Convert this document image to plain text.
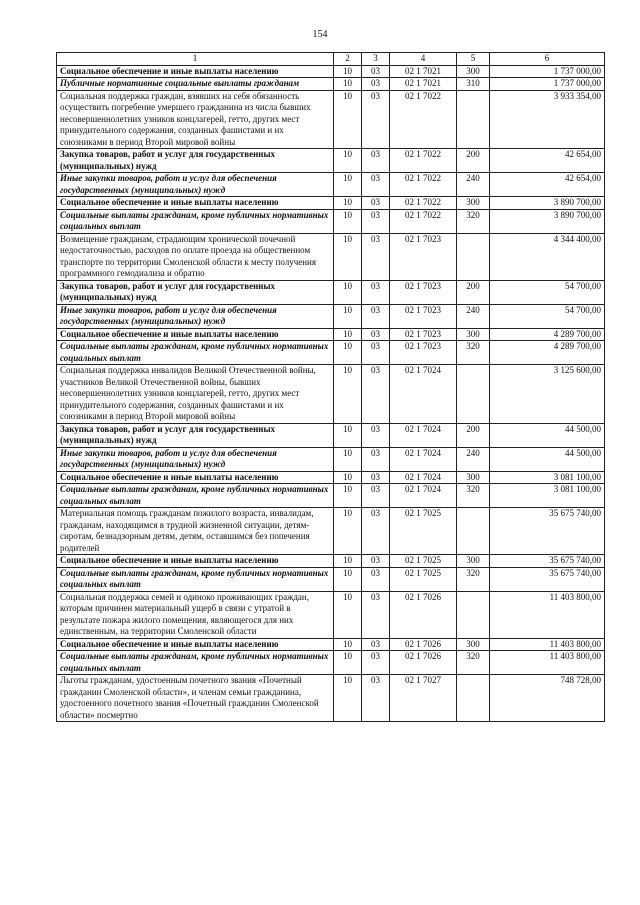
154
1	2	3	4	5	6
Социальное обеспечение и иные выплаты населению	10	03	02 1 7021	300	1 737 000,00
Публичные нормативные социальные выплаты гражданам	10	03	02 1 7021	310	1 737 000,00
Социальная поддержка граждан, взявших на себя обязанность осуществить погребение умершего гражданина из числа бывших несовершеннолетних узников концлагерей, гетто, других мест принудительного содержания, созданных фашистами и их союзниками в период Второй мировой войны	10	03	02 1 7022		3 933 354,00
Закупка товаров, работ и услуг для государственных (муниципальных) нужд	10	03	02 1 7022	200	42 654,00
Иные закупки товаров, работ и услуг для обеспечения государственных (муниципальных) нужд	10	03	02 1 7022	240	42 654,00
Социальное обеспечение и иные выплаты населению	10	03	02 1 7022	300	3 890 700,00
Социальные выплаты гражданам, кроме публичных нормативных социальных выплат	10	03	02 1 7022	320	3 890 700,00
Возмещение гражданам, страдающим хронической почечной недостаточностью, расходов по оплате проезда на общественном транспорте по территории Смоленской области к месту получения программного гемодиализа и обратно	10	03	02 1 7023		4 344 400,00
Закупка товаров, работ и услуг для государственных (муниципальных) нужд	10	03	02 1 7023	200	54 700,00
Иные закупки товаров, работ и услуг для обеспечения государственных (муниципальных) нужд	10	03	02 1 7023	240	54 700,00
Социальное обеспечение и иные выплаты населению	10	03	02 1 7023	300	4 289 700,00
Социальные выплаты гражданам, кроме публичных нормативных социальных выплат	10	03	02 1 7023	320	4 289 700,00
Социальная поддержка инвалидов Великой Отечественной войны, участников Великой Отечественной войны, бывших несовершеннолетних узников концлагерей, гетто, других мест принудительного содержания, созданных фашистами и их союзниками в период Второй мировой войны	10	03	02 1 7024		3 125 600,00
Закупка товаров, работ и услуг для государственных (муниципальных) нужд	10	03	02 1 7024	200	44 500,00
Иные закупки товаров, работ и услуг для обеспечения государственных (муниципальных) нужд	10	03	02 1 7024	240	44 500,00
Социальное обеспечение и иные выплаты населению	10	03	02 1 7024	300	3 081 100,00
Социальные выплаты гражданам, кроме публичных нормативных социальных выплат	10	03	02 1 7024	320	3 081 100,00
Материальная помощь гражданам пожилого возраста, инвалидам, гражданам, находящимся в трудной жизненной ситуации, детям-сиротам, безнадзорным детям, детям, оставшимся без попечения родителей	10	03	02 1 7025		35 675 740,00
Социальное обеспечение и иные выплаты населению	10	03	02 1 7025	300	35 675 740,00
Социальные выплаты гражданам, кроме публичных нормативных социальных выплат	10	03	02 1 7025	320	35 675 740,00
Социальная поддержка семей и одиноко проживающих граждан, которым причинен материальный ущерб в связи с утратой в результате пожара жилого помещения, являющегося для них единственным, на территории Смоленской области	10	03	02 1 7026		11 403 800,00
Социальное обеспечение и иные выплаты населению	10	03	02 1 7026	300	11 403 800,00
Социальные выплаты гражданам, кроме публичных нормативных социальных выплат	10	03	02 1 7026	320	11 403 800,00
Льготы гражданам, удостоенным почетного звания «Почетный гражданин Смоленской области», и членам семьи гражданина, удостоенного почетного звания «Почетный гражданин Смоленской области» посмертно	10	03	02 1 7027		748 728,00
